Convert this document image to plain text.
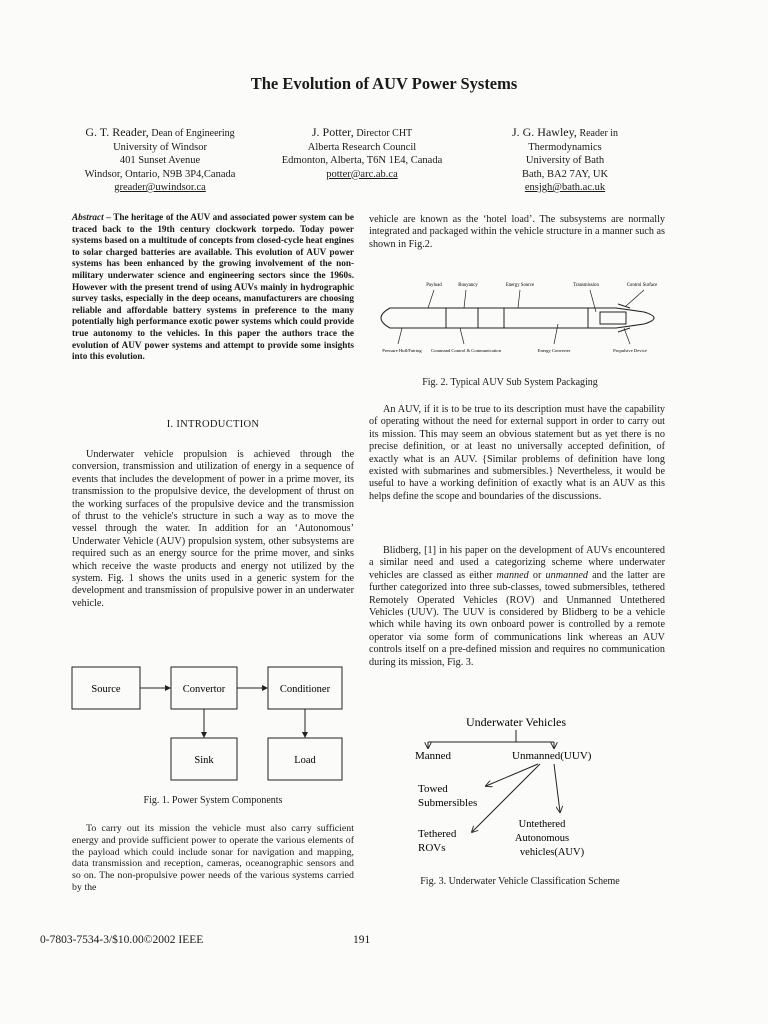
The Evolution of AUV Power Systems
G. T. Reader, Dean of Engineering
University of Windsor
401 Sunset Avenue
Windsor, Ontario, N9B 3P4,Canada
greader@uwindsor.ca
J. Potter, Director CHT
Alberta Research Council
Edmonton, Alberta, T6N 1E4, Canada
potter@arc.ab.ca
J. G. Hawley, Reader in
Thermodynamics
University of Bath
Bath, BA2 7AY, UK
ensjgh@bath.ac.uk
Abstract – The heritage of the AUV and associated power system can be traced back to the 19th century clockwork torpedo. Today power systems based on a multitude of concepts from closed-cycle heat engines to solar charged batteries are available. This evolution of AUV power systems has been enhanced by the growing involvement of the non-military underwater science and engineering sectors since the 1960s. However with the present trend of using AUVs mainly in hydrographic survey tasks, especially in the deep oceans, manufacturers are choosing reliable and affordable battery systems in preference to the many potentially high performance exotic power systems which could provide true autonomy to the vehicles. In this paper the authors trace the evolution of AUV power systems and attempt to provide some insights into this evolution.
I. INTRODUCTION
Underwater vehicle propulsion is achieved through the conversion, transmission and utilization of energy in a sequence of events that includes the development of power in a prime mover, its transmission to the propulsive device, the development of thrust on the working surfaces of the propulsive device and the transmission of thrust to the vehicle's structure in such a way as to move the vessel through the water. In addition for an ‘Autonomous’ Underwater Vehicle (AUV) propulsion system, other subsystems are required such as an energy source for the prime mover, and sinks which receive the waste products and energy not utilized by the system. Fig. 1 shows the units used in a generic system for the development and transmission of propulsive power in an underwater vehicle.
Source	Convertor	Conditioner
Sink	Load
Fig. 1. Power System Components
To carry out its mission the vehicle must also carry sufficient energy and provide sufficient power to operate the various elements of the payload which could include sonar for navigation and mapping, data transmission and reception, cameras, oceanographic sensors and so on. The non-propulsive power needs of the various systems carried by the
vehicle are known as the ‘hotel load’. The subsystems are normally integrated and packaged within the vehicle structure in a manner such as shown in Fig.2.
Payload	Buoyancy	Energy Source	Transmission	Control Surface
Pressure Hull/Fairing Command Control & Communication	Energy Converter	Propulsive Device
Fig. 2. Typical AUV Sub System Packaging
An AUV, if it is to be true to its description must have the capability of operating without the need for external support in order to carry out its mission. This may seem an obvious statement but as yet there is no precise definition, or at least no universally accepted definition, of exactly what is an AUV. {Similar problems of definition have long existed with submarines and submersibles.} Nevertheless, it would be useful to have a working definition of exactly what is an AUV as this helps define the scope and boundaries of the discussions.
Blidberg, [1] in his paper on the development of AUVs encountered a similar need and used a categorizing scheme where underwater vehicles are classed as either manned or unmanned and the latter are further categorized into three sub-classes, towed submersibles, tethered Remotely Operated Vehicles (ROV) and Unmanned Untethered Vehicles (UUV). The UUV is considered by Blidberg to be a vehicle which while having its own onboard power is controlled by a remote operator via some form of communications link whereas an AUV controls itself on a pre-defined mission and requires no communication during its mission, Fig. 3.
Underwater Vehicles
Manned	Unmanned(UUV)
Towed
Submersibles
Tethered
ROVs
Untethered
Autonomous
vehicles(AUV)
Fig. 3. Underwater Vehicle Classification Scheme
0-7803-7534-3/$10.00©2002 IEEE	191
